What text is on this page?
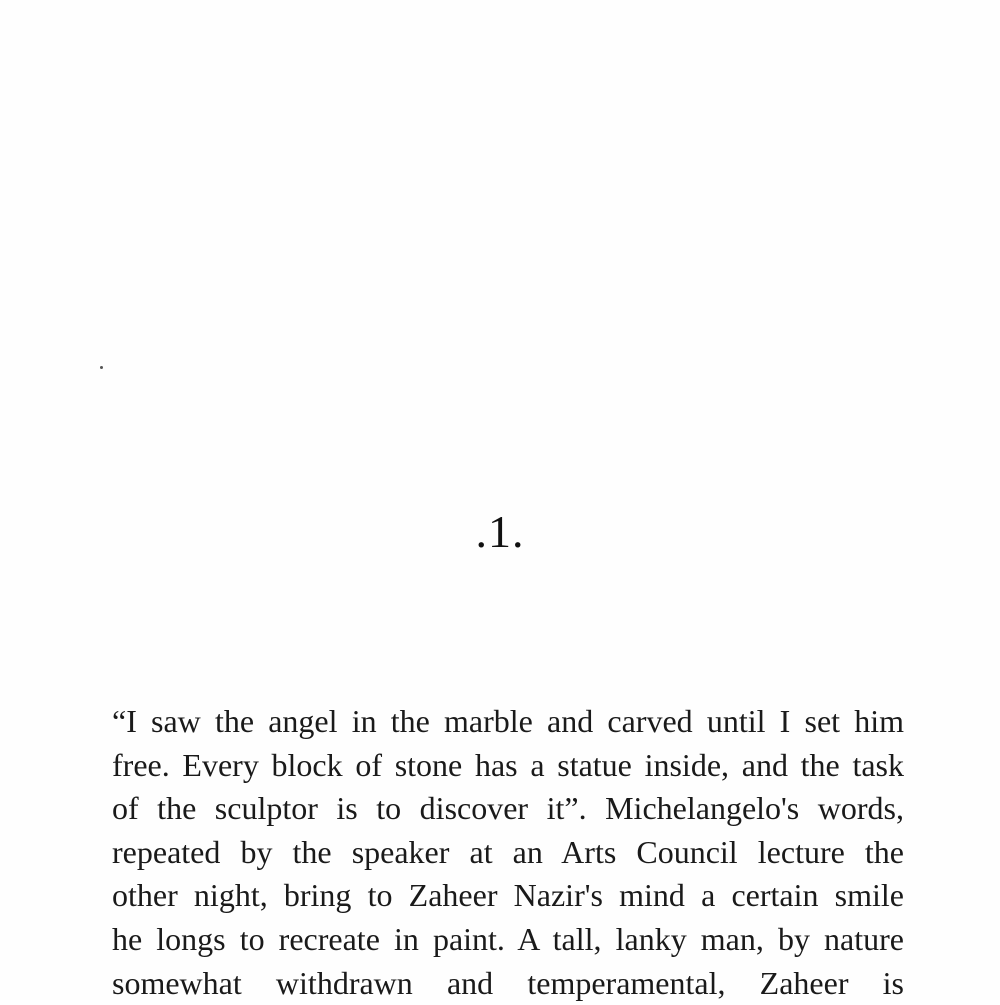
.1.
“I saw the angel in the marble and carved until I set him
free. Every block of stone has a statue inside, and the task
of the sculptor is to discover it”. Michelangelo's words,
repeated by the speaker at an Arts Council lecture the
other night, bring to Zaheer Nazir's mind a certain smile
he longs to recreate in paint. A tall, lanky man, by nature
somewhat withdrawn and temperamental, Zaheer is
